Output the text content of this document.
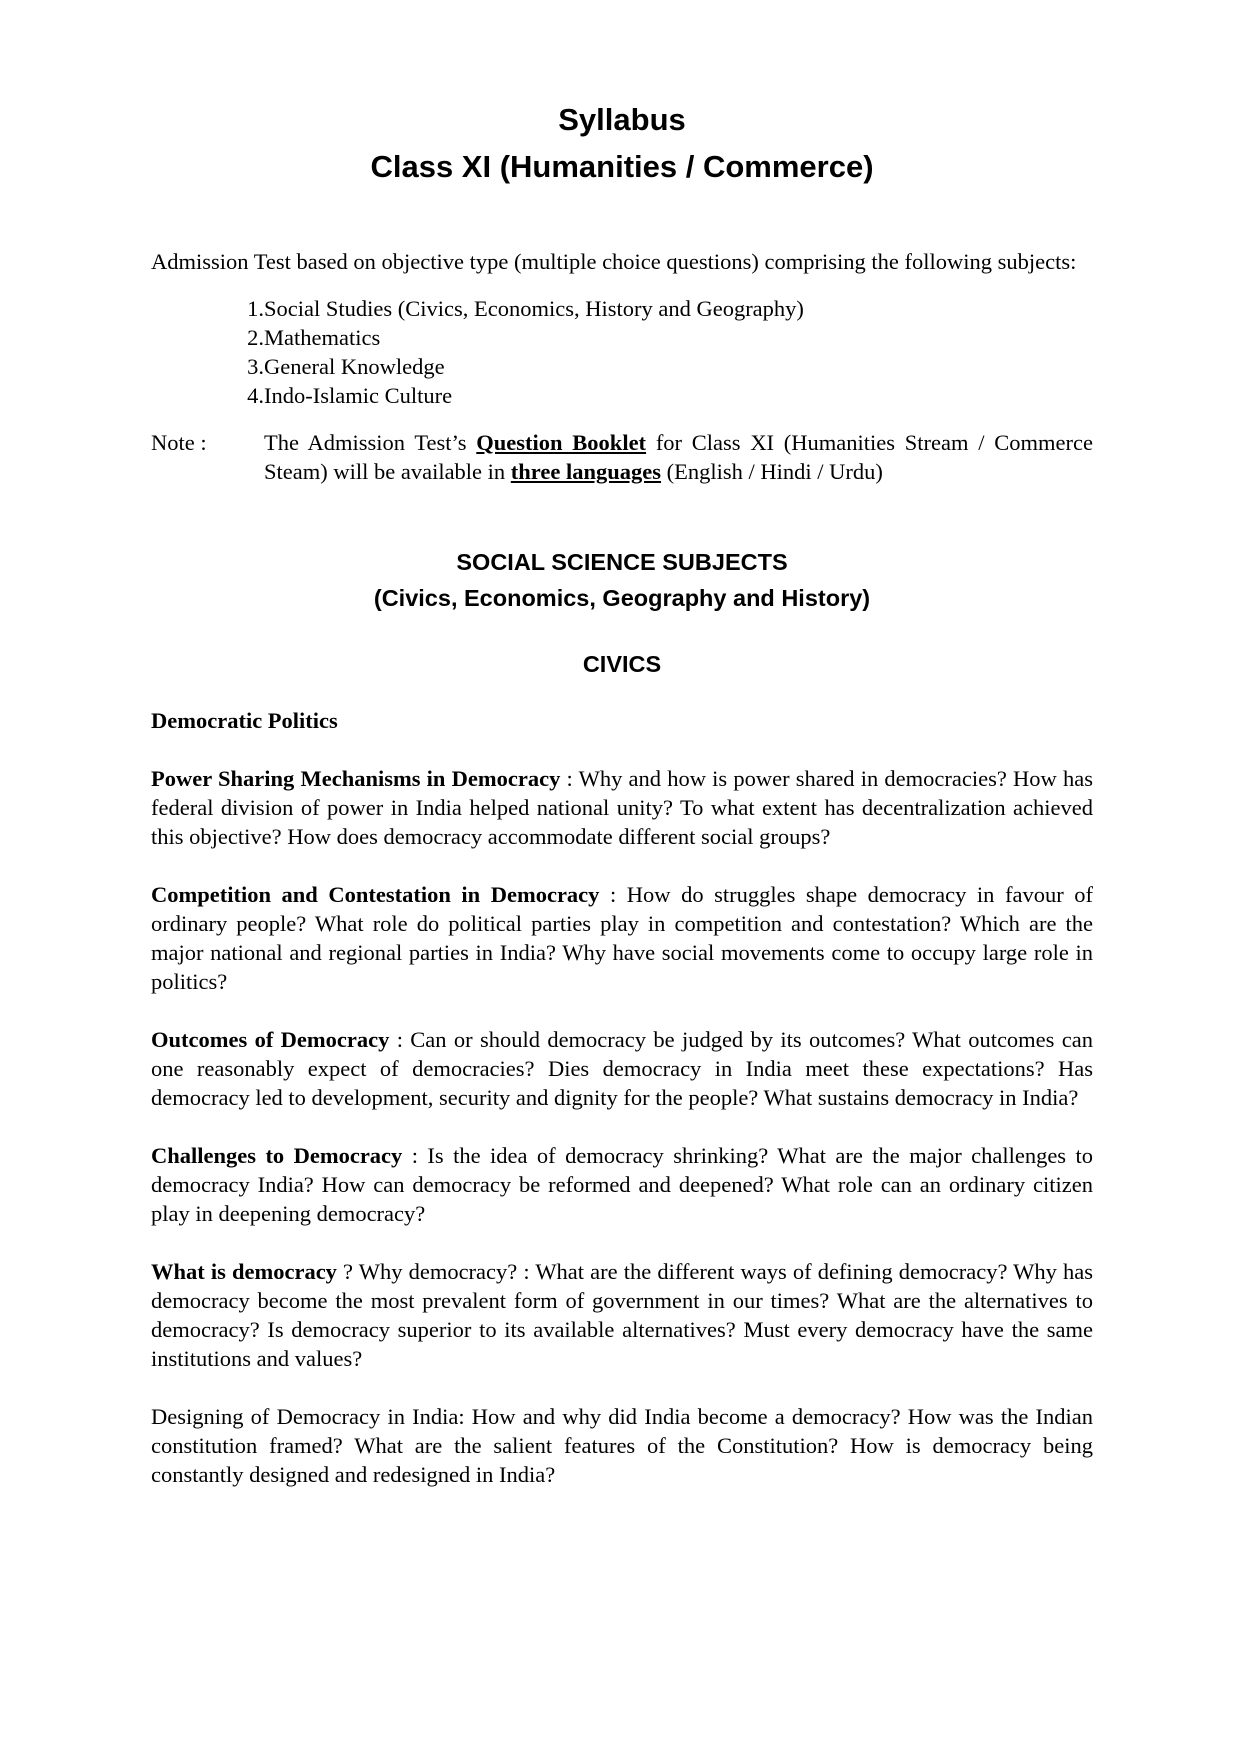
Syllabus
Class XI (Humanities / Commerce)

Admission Test based on objective type (multiple choice questions) comprising the following subjects:

1. Social Studies (Civics, Economics, History and Geography)
2. Mathematics
3. General Knowledge
4. Indo-Islamic Culture
Note :	The Admission Test’s Question Booklet for Class XI (Humanities Stream / Commerce Steam) will be available in three languages (English / Hindi / Urdu)

SOCIAL SCIENCE SUBJECTS
(Civics, Economics, Geography and History)
CIVICS

Democratic Politics

Power Sharing Mechanisms in Democracy : Why and how is power shared in democracies? How has federal division of power in India helped national unity? To what extent has decentralization achieved this objective? How does democracy accommodate different social groups?

Competition and Contestation in Democracy : How do struggles shape democracy in favour of ordinary people? What role do political parties play in competition and contestation? Which are the major national and regional parties in India? Why have social movements come to occupy large role in politics?

Outcomes of Democracy : Can or should democracy be judged by its outcomes? What outcomes can one reasonably expect of democracies? Dies democracy in India meet these expectations? Has democracy led to development, security and dignity for the people? What sustains democracy in India?

Challenges to Democracy : Is the idea of democracy shrinking? What are the major challenges to democracy India? How can democracy be reformed and deepened? What role can an ordinary citizen play in deepening democracy?

What is democracy ? Why democracy? : What are the different ways of defining democracy? Why has democracy become the most prevalent form of government in our times? What are the alternatives to democracy? Is democracy superior to its available alternatives? Must every democracy have the same institutions and values?

Designing of Democracy in India: How and why did India become a democracy? How was the Indian constitution framed? What are the salient features of the Constitution? How is democracy being constantly designed and redesigned in India?
